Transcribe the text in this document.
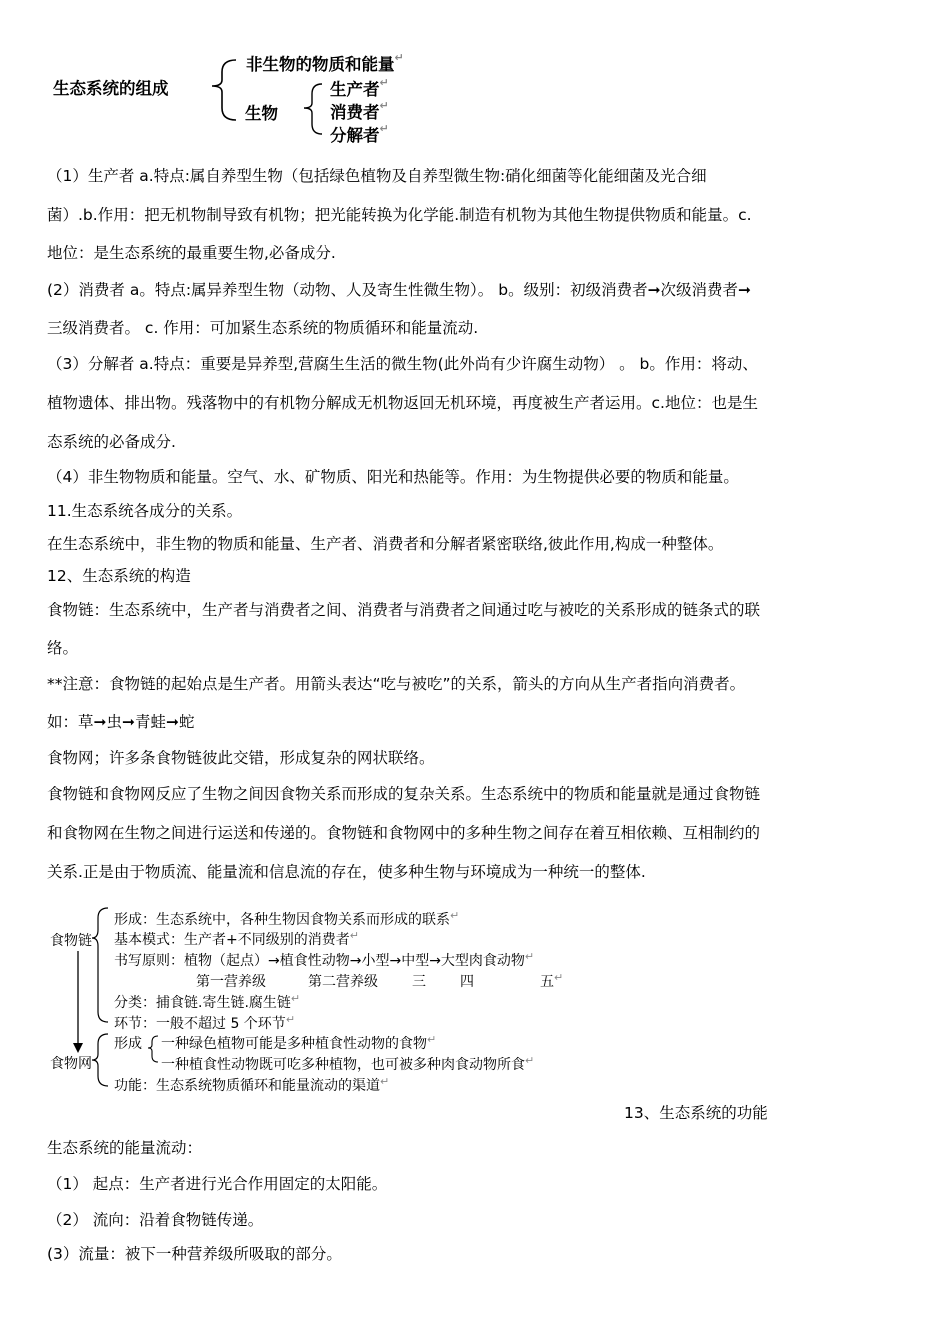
生态系统的组成
非生物的物质和能量↵
生物
生产者↵
消费者↵
分解者↵
（1）生产者 a.特点:属自养型生物（包括绿色植物及自养型微生物:硝化细菌等化能细菌及光合细
菌）.b.作用：把无机物制导致有机物；把光能转换为化学能.制造有机物为其他生物提供物质和能量。c.
地位：是生态系统的最重要生物,必备成分.
(2）消费者 a。特点:属异养型生物（动物、人及寄生性微生物）。 b。级别：初级消费者➞次级消费者➞
三级消费者。 c. 作用：可加紧生态系统的物质循环和能量流动.
（3）分解者 a.特点：重要是异养型,营腐生生活的微生物(此外尚有少许腐生动物） 。 b。作用：将动、
植物遗体、排出物。残落物中的有机物分解成无机物返回无机环境，再度被生产者运用。c.地位：也是生
态系统的必备成分.
（4）非生物物质和能量。空气、水、矿物质、阳光和热能等。作用：为生物提供必要的物质和能量。
11.生态系统各成分的关系。
在生态系统中，非生物的物质和能量、生产者、消费者和分解者紧密联络,彼此作用,构成一种整体。
12、生态系统的构造
食物链：生态系统中，生产者与消费者之间、消费者与消费者之间通过吃与被吃的关系形成的链条式的联
络。
**注意：食物链的起始点是生产者。用箭头表达“吃与被吃”的关系，箭头的方向从生产者指向消费者。
如：草➞虫➞青蛙➞蛇
食物网；许多条食物链彼此交错，形成复杂的网状联络。
食物链和食物网反应了生物之间因食物关系而形成的复杂关系。生态系统中的物质和能量就是通过食物链
和食物网在生物之间进行运送和传递的。食物链和食物网中的多种生物之间存在着互相依赖、互相制约的
关系.正是由于物质流、能量流和信息流的存在，使多种生物与环境成为一种统一的整体.
食物链
食物网
形成：生态系统中，各种生物因食物关系而形成的联系↵
基本模式：生产者+不同级别的消费者↵
书写原则：植物（起点）→植食性动物→小型→中型→大型肉食动物↵
第一营养级	第二营养级 三 四	五↵
分类：捕食链.寄生链.腐生链↵
环节：一般不超过 5 个环节↵
形成 一种绿色植物可能是多种植食性动物的食物↵
一种植食性动物既可吃多种植物，也可被多种肉食动物所食↵
功能：生态系统物质循环和能量流动的渠道↵
13、生态系统的功能
生态系统的能量流动：
（1） 起点：生产者进行光合作用固定的太阳能。
（2） 流向：沿着食物链传递。
(3）流量：被下一种营养级所吸取的部分。
